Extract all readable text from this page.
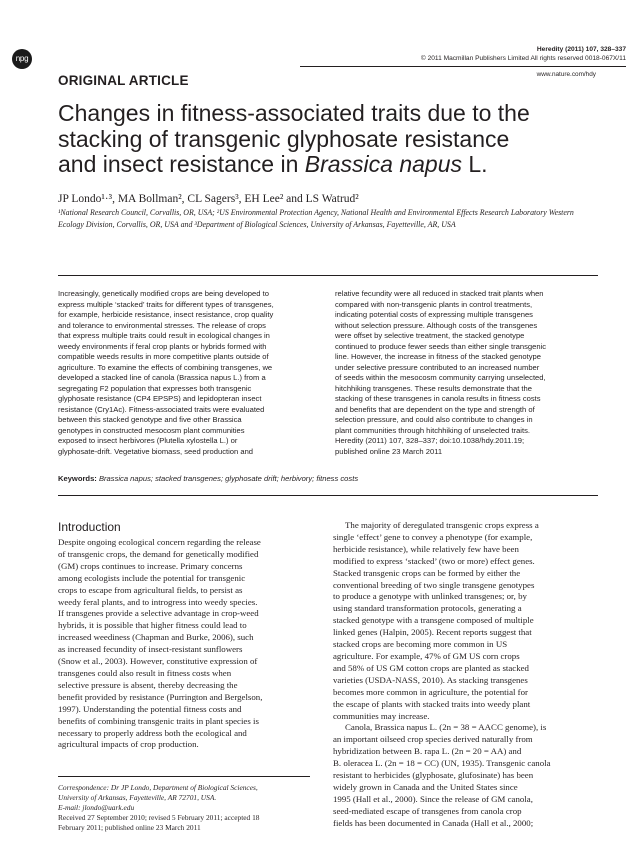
npg
Heredity (2011) 107, 328–337
© 2011 Macmillan Publishers Limited All rights reserved 0018-067X/11
www.nature.com/hdy
ORIGINAL ARTICLE
Changes in fitness-associated traits due to the
stacking of transgenic glyphosate resistance
and insect resistance in Brassica napus L.
JP Londo¹·³, MA Bollman², CL Sagers³, EH Lee² and LS Watrud²
¹National Research Council, Corvallis, OR, USA; ²US Environmental Protection Agency, National Health and Environmental Effects Research Laboratory Western Ecology Division, Corvallis, OR, USA and ³Department of Biological Sciences, University of Arkansas, Fayetteville, AR, USA
Increasingly, genetically modified crops are being developed to
express multiple ‘stacked’ traits for different types of transgenes,
for example, herbicide resistance, insect resistance, crop quality
and tolerance to environmental stresses. The release of crops
that express multiple traits could result in ecological changes in
weedy environments if feral crop plants or hybrids formed with
compatible weeds results in more competitive plants outside of
agriculture. To examine the effects of combining transgenes, we
developed a stacked line of canola (Brassica napus L.) from a
segregating F2 population that expresses both transgenic
glyphosate resistance (CP4 EPSPS) and lepidopteran insect
resistance (Cry1Ac). Fitness-associated traits were evaluated
between this stacked genotype and five other Brassica
genotypes in constructed mesocosm plant communities
exposed to insect herbivores (Plutella xylostella L.) or
glyphosate-drift. Vegetative biomass, seed production and
relative fecundity were all reduced in stacked trait plants when
compared with non-transgenic plants in control treatments,
indicating potential costs of expressing multiple transgenes
without selection pressure. Although costs of the transgenes
were offset by selective treatment, the stacked genotype
continued to produce fewer seeds than either single transgenic
line. However, the increase in fitness of the stacked genotype
under selective pressure contributed to an increased number
of seeds within the mesocosm community carrying unselected,
hitchhiking transgenes. These results demonstrate that the
stacking of these transgenes in canola results in fitness costs
and benefits that are dependent on the type and strength of
selection pressure, and could also contribute to changes in
plant communities through hitchhiking of unselected traits.
Heredity (2011) 107, 328–337; doi:10.1038/hdy.2011.19;
published online 23 March 2011
Keywords: Brassica napus; stacked transgenes; glyphosate drift; herbivory; fitness costs
Introduction
Despite ongoing ecological concern regarding the release
of transgenic crops, the demand for genetically modified
(GM) crops continues to increase. Primary concerns
among ecologists include the potential for transgenic
crops to escape from agricultural fields, to persist as
weedy feral plants, and to introgress into weedy species.
If transgenes provide a selective advantage in crop-weed
hybrids, it is possible that higher fitness could lead to
increased weediness (Chapman and Burke, 2006), such
as increased fecundity of insect-resistant sunflowers
(Snow et al., 2003). However, constitutive expression of
transgenes could also result in fitness costs when
selective pressure is absent, thereby decreasing the
benefit provided by resistance (Purrington and Bergelson,
1997). Understanding the potential fitness costs and
benefits of combining transgenic traits in plant species is
necessary to properly address both the ecological and
agricultural impacts of crop production.
The majority of deregulated transgenic crops express a
single ‘effect’ gene to convey a phenotype (for example,
herbicide resistance), while relatively few have been
modified to express ‘stacked’ (two or more) effect genes.
Stacked transgenic crops can be formed by either the
conventional breeding of two single transgene genotypes
to produce a genotype with unlinked transgenes; or, by
using standard transformation protocols, generating a
stacked genotype with a transgene composed of multiple
linked genes (Halpin, 2005). Recent reports suggest that
stacked crops are becoming more common in US
agriculture. For example, 47% of GM US corn crops
and 58% of US GM cotton crops are planted as stacked
varieties (USDA-NASS, 2010). As stacking transgenes
becomes more common in agriculture, the potential for
the escape of plants with stacked traits into weedy plant
communities may increase.
Canola, Brassica napus L. (2n = 38 = AACC genome), is
an important oilseed crop species derived naturally from
hybridization between B. rapa L. (2n = 20 = AA) and
B. oleracea L. (2n = 18 = CC) (UN, 1935). Transgenic canola
resistant to herbicides (glyphosate, glufosinate) has been
widely grown in Canada and the United States since
1995 (Hall et al., 2000). Since the release of GM canola,
seed-mediated escape of transgenes from canola crop
fields has been documented in Canada (Hall et al., 2000;
Correspondence: Dr JP Londo, Department of Biological Sciences,
University of Arkansas, Fayetteville, AR 72701, USA.
E-mail: jlondo@uark.edu
Received 27 September 2010; revised 5 February 2011; accepted 18
February 2011; published online 23 March 2011
